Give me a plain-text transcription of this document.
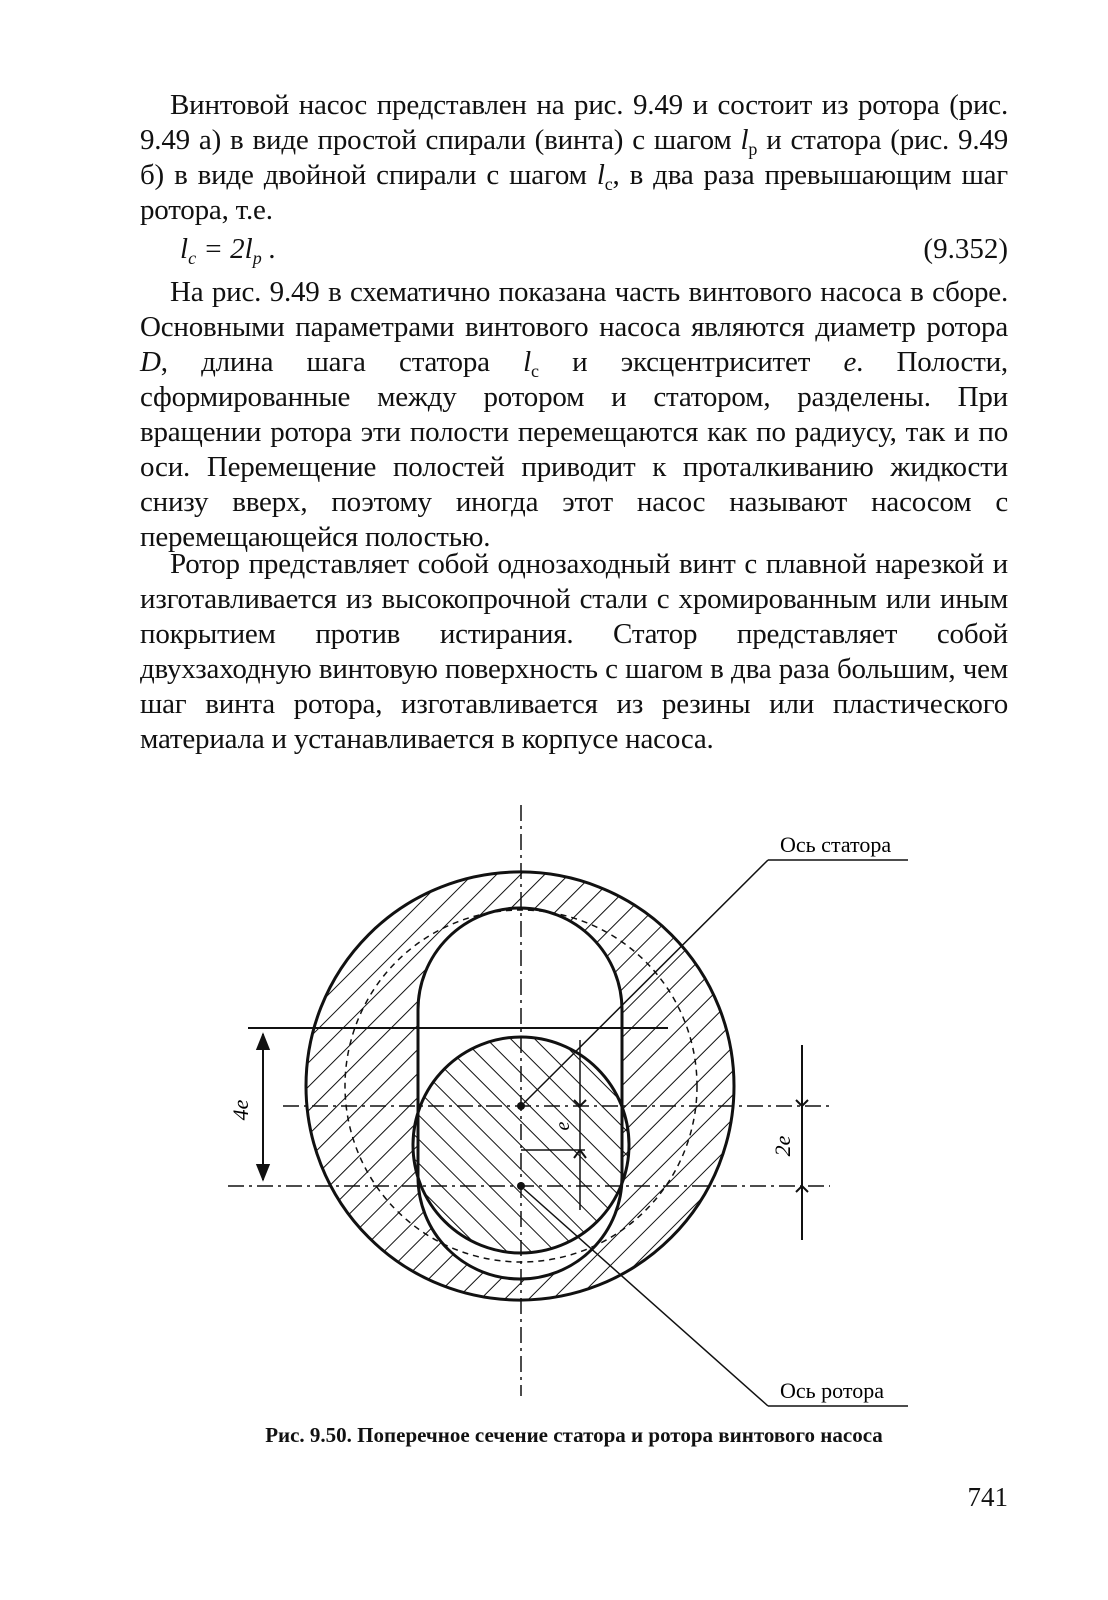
Винтовой насос представлен на рис. 9.49 и состоит из ротора (рис. 9.49 а) в виде простой спирали (винта) с шагом $l_р$ и статора (рис. 9.49 б) в виде двойной спирали с шагом $l_с$, в два раза превышающим шаг ротора, т.е.

$l_с = 2l_р$ .	(9.352)

На рис. 9.49 в схематично показана часть винтового насоса в сборе. Основными параметрами винтового насоса являются диаметр ротора D, длина шага статора $l_с$ и эксцентриситет е. Полости, сформированные между ротором и статором, разделены. При вращении ротора эти полости перемещаются как по радиусу, так и по оси. Перемещение полостей приводит к проталкиванию жидкости снизу вверх, поэтому иногда этот насос называют насосом с перемещающейся полостью.

Ротор представляет собой однозаходный винт с плавной нарезкой и изготавливается из высокопрочной стали с хромированным или иным покрытием против истирания. Статор представляет собой двухзаходную винтовую поверхность с шагом в два раза большим, чем шаг винта ротора, изготавливается из резины или пластического материала и устанавливается в корпусе насоса.

4e
2e
e
Ось статора
Ось ротора
Рис. 9.50. Поперечное сечение статора и ротора винтового насоса
741
